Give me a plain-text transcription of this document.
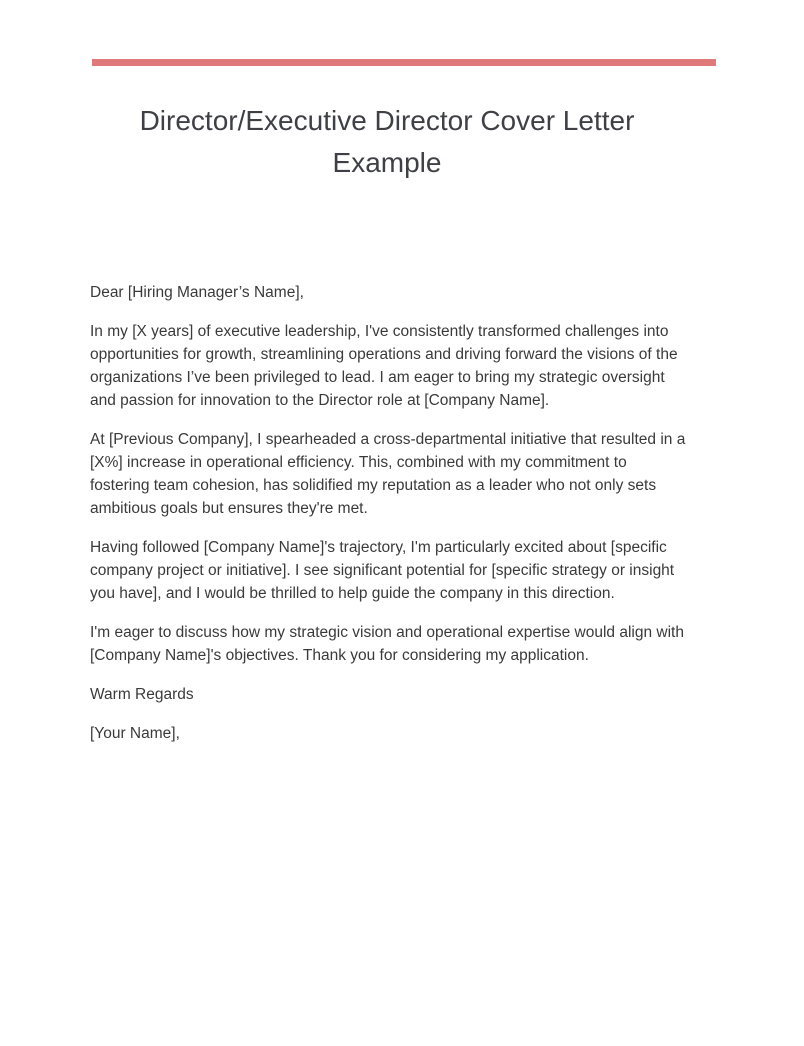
Director/Executive Director Cover Letter Example

Dear [Hiring Manager’s Name],

In my [X years] of executive leadership, I've consistently transformed challenges into opportunities for growth, streamlining operations and driving forward the visions of the organizations I’ve been privileged to lead. I am eager to bring my strategic oversight and passion for innovation to the Director role at [Company Name].

At [Previous Company], I spearheaded a cross-departmental initiative that resulted in a [X%] increase in operational efficiency. This, combined with my commitment to fostering team cohesion, has solidified my reputation as a leader who not only sets ambitious goals but ensures they're met.

Having followed [Company Name]'s trajectory, I'm particularly excited about [specific company project or initiative]. I see significant potential for [specific strategy or insight you have], and I would be thrilled to help guide the company in this direction.

I'm eager to discuss how my strategic vision and operational expertise would align with [Company Name]'s objectives. Thank you for considering my application.

Warm Regards

[Your Name],
